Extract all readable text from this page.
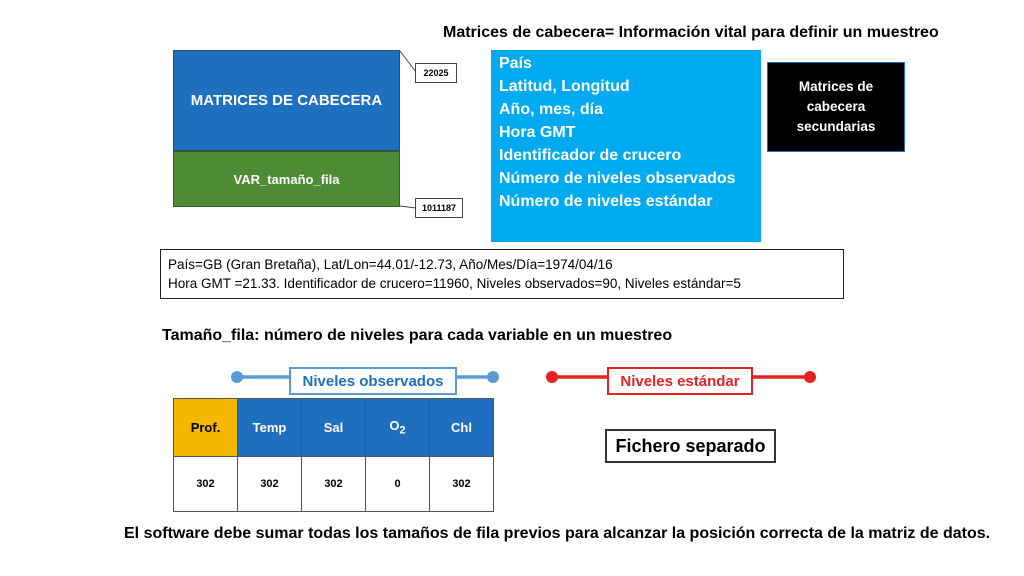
Matrices de cabecera= Información vital para definir un muestreo
MATRICES DE CABECERA
VAR_tamaño_fila
22025
1011187
País
Latitud, Longitud
Año, mes, día
Hora GMT
Identificador de crucero
Número de niveles observados
Número de niveles estándar
Matrices de
cabecera
secundarias
País=GB (Gran Bretaña), Lat/Lon=44.01/-12.73, Año/Mes/Día=1974/04/16
Hora GMT =21.33. Identificador de crucero=11960, Niveles observados=90, Niveles estándar=5
Tamaño_fila: número de niveles para cada variable en un muestreo
Niveles observados	Niveles estándar
Prof.	Temp	Sal	$O_2$	Chl
302	302	302	0	302
Fichero separado
El software debe sumar todas los tamaños de fila previos para alcanzar la posición correcta de la matriz de datos.
